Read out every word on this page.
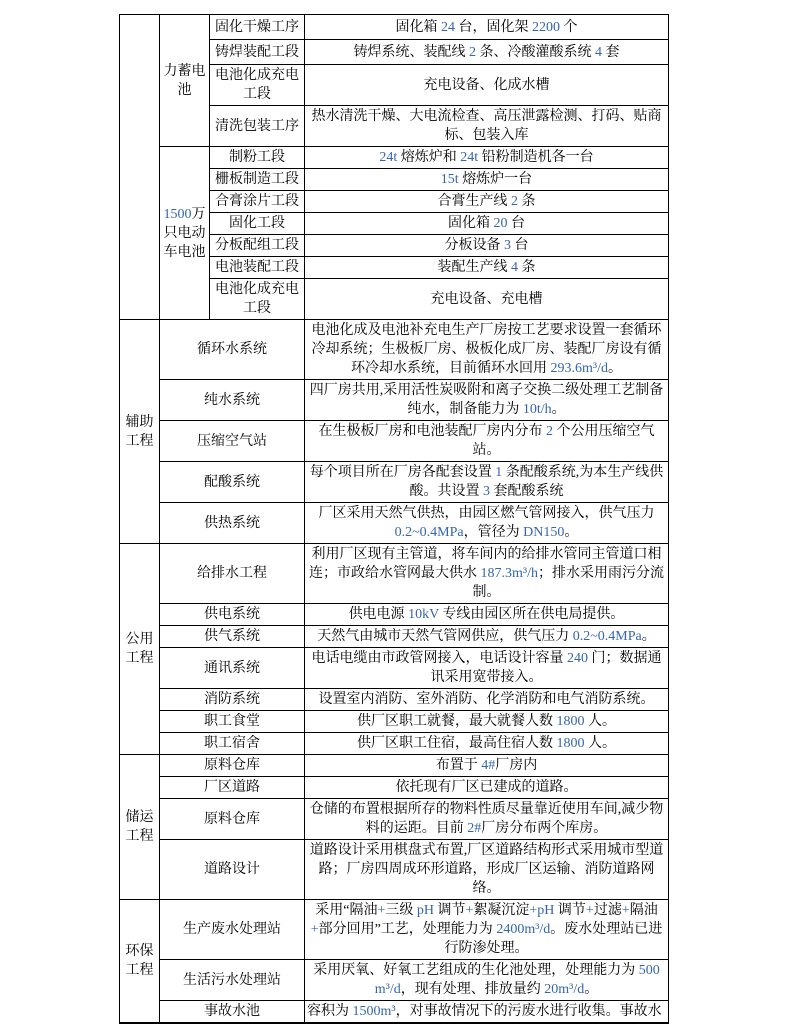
	力蓄电池	固化干燥工序	固化箱 24 台，固化架 2200 个
		铸焊装配工段	铸焊系统、装配线 2 条、冷酸灌酸系统 4 套
		电池化成充电工段	充电设备、化成水槽
		清洗包装工序	热水清洗干燥、大电流检查、高压泄露检测、打码、贴商标、包装入库
	1500万只电动车电池	制粉工段	24t 熔炼炉和 24t 铅粉制造机各一台
		栅板制造工段	15t 熔炼炉一台
		合膏涂片工段	合膏生产线 2 条
		固化工段	固化箱 20 台
		分板配组工段	分板设备 3 台
		电池装配工段	装配生产线 4 条
		电池化成充电工段	充电设备、充电槽
辅助工程	循环水系统		电池化成及电池补充电生产厂房按工艺要求设置一套循环冷却系统；生极板厂房、极板化成厂房、装配厂房设有循环冷却水系统，目前循环水回用 293.6m³/d。
	纯水系统		四厂房共用,采用活性炭吸附和离子交换二级处理工艺制备纯水，制备能力为 10t/h。
	压缩空气站		在生极板厂房和电池装配厂房内分布 2 个公用压缩空气站。
	配酸系统		每个项目所在厂房各配套设置 1 条配酸系统,为本生产线供酸。共设置 3 套配酸系统
	供热系统		厂区采用天然气供热，由园区燃气管网接入，供气压力 0.2~0.4MPa，管径为 DN150。
公用工程	给排水工程		利用厂区现有主管道，将车间内的给排水管同主管道口相连；市政给水管网最大供水 187.3m³/h；排水采用雨污分流制。
	供电系统		供电电源 10kV 专线由园区所在供电局提供。
	供气系统		天然气由城市天然气管网供应，供气压力 0.2~0.4MPa。
	通讯系统		电话电缆由市政管网接入，电话设计容量 240 门；数据通讯采用宽带接入。
	消防系统		设置室内消防、室外消防、化学消防和电气消防系统。
	职工食堂		供厂区职工就餐，最大就餐人数 1800 人。
	职工宿舍		供厂区职工住宿，最高住宿人数 1800 人。
储运工程	原料仓库		布置于 4#厂房内
	厂区道路		依托现有厂区已建成的道路。
	原料仓库		仓储的布置根据所存的物料性质尽量靠近使用车间,减少物料的运距。目前 2#厂房分布两个库房。
	道路设计		道路设计采用棋盘式布置,厂区道路结构形式采用城市型道路；厂房四周成环形道路，形成厂区运输、消防道路网络。
环保工程	生产废水处理站		采用“隔油+三级 pH 调节+絮凝沉淀+pH 调节+过滤+隔油+部分回用”工艺，处理能力为 2400m³/d。废水处理站已进行防渗处理。
	生活污水处理站		采用厌氧、好氧工艺组成的生化池处理，处理能力为 500 m³/d，现有处理、排放量约 20m³/d。
	事故水池		容积为 1500m³，对事故情况下的污废水进行收集。事故水
